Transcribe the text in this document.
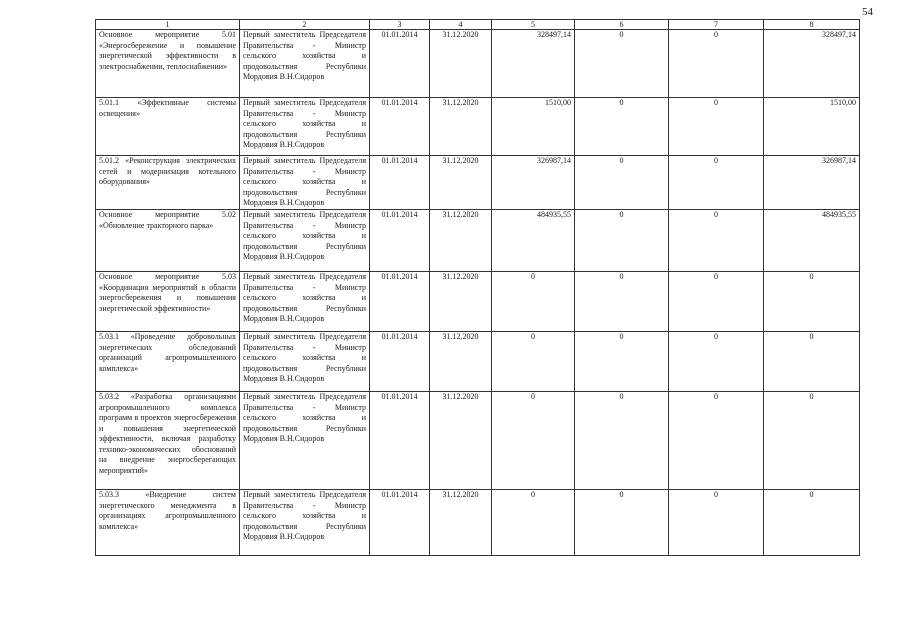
54
1	2	3	4	5	6	7	8
Основное мероприятие 5.01 «Энергосбережение и повышение энергетической эффективности в электроснабжении, теплоснабжении»	Первый заместитель Председателя Правительства - Министр сельского хозяйства и продовольствия Республики Мордовия В.Н.Сидоров	01.01.2014	31.12.2020	328497,14	0	0	328497,14
5.01.1 «Эффективные системы освещения»	Первый заместитель Председателя Правительства - Министр сельского хозяйства и продовольствия Республики Мордовия В.Н.Сидоров	01.01.2014	31.12.2020	1510,00	0	0	1510,00
5.01.2 «Реконструкция электрических сетей и модернизация котельного оборудования»	Первый заместитель Председателя Правительства - Министр сельского хозяйства и продовольствия Республики Мордовия В.Н.Сидоров	01.01.2014	31.12.2020	326987,14	0	0	326987,14
Основное мероприятие 5.02 «Обновление тракторного парка»	Первый заместитель Председателя Правительства - Министр сельского хозяйства и продовольствия Республики Мордовия В.Н.Сидоров	01.01.2014	31.12.2020	484935,55	0	0	484935,55
Основное мероприятие 5.03 «Координация мероприятий в области энергосбережения и повышения энергетической эффективности»	Первый заместитель Председателя Правительства - Министр сельского хозяйства и продовольствия Республики Мордовия В.Н.Сидоров	01.01.2014	31.12.2020	0	0	0	0
5.03.1 «Проведение добровольных энергетических обследований организаций агропромышленного комплекса»	Первый заместитель Председателя Правительства - Министр сельского хозяйства и продовольствия Республики Мордовия В.Н.Сидоров	01.01.2014	31.12.2020	0	0	0	0
5.03.2 «Разработка организациями агропромышленного комплекса программ в проектов энергосбережения и повышения энергетической эффективности, включая разработку технико-экономических обоснований на внедрение энергосберегающих мероприятий»	Первый заместитель Председателя Правительства - Министр сельского хозяйства и продовольствия Республики Мордовия В.Н.Сидоров	01.01.2014	31.12.2020	0	0	0	0
5.03.3 «Внедрение систем энергетического менеджмента в организациях агропромышленного комплекса»	Первый заместитель Председателя Правительства - Министр сельского хозяйства и продовольствия Республики Мордовия В.Н.Сидоров	01.01.2014	31.12.2020	0	0	0	0
